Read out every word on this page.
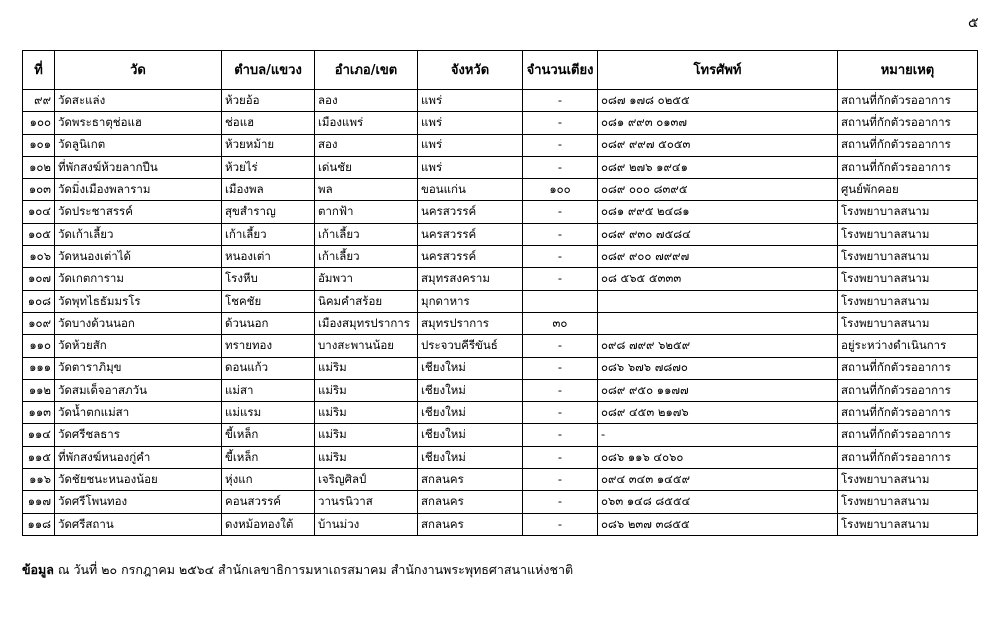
๕
ที่	วัด	ตำบล/แขวง	อำเภอ/เขต	จังหวัด	จำนวนเตียง	โทรศัพท์	หมายเหตุ
๙๙	วัดสะแล่ง	ห้วยอ้อ	ลอง	แพร่	-	๐๘๗ ๑๗๘ ๐๒๕๕	สถานที่กักตัวรออาการ
๑๐๐	วัดพระธาตุช่อแฮ	ช่อแฮ	เมืองแพร่	แพร่	-	๐๘๑ ๙๙๓ ๐๑๓๗	สถานที่กักตัวรออาการ
๑๐๑	วัดลูนิเกต	ห้วยหม้าย	สอง	แพร่	-	๐๘๙ ๙๙๗ ๕๐๕๓	สถานที่กักตัวรออาการ
๑๐๒	ที่พักสงฆ์ห้วยลากปืน	ห้วยไร่	เด่นชัย	แพร่	-	๐๘๙ ๒๗๖ ๑๙๔๑	สถานที่กักตัวรออาการ
๑๐๓	วัดมิ่งเมืองพลาราม	เมืองพล	พล	ขอนแก่น	๑๐๐	๐๘๙ ๐๐๐ ๘๓๙๕	ศูนย์พักคอย
๑๐๔	วัดประชาสรรค์	สุขสำราญ	ตากฟ้า	นครสวรรค์	-	๐๘๑ ๙๙๕ ๒๔๘๑	โรงพยาบาลสนาม
๑๐๕	วัดเก้าเลี้ยว	เก้าเลี้ยว	เก้าเลี้ยว	นครสวรรค์	-	๐๘๙ ๙๓๐ ๗๕๘๔	โรงพยาบาลสนาม
๑๐๖	วัดหนองเต่าได้	หนองเต่า	เก้าเลี้ยว	นครสวรรค์	-	๐๘๙ ๙๐๐ ๗๙๙๗	โรงพยาบาลสนาม
๑๐๗	วัดเกตการาม	โรงหีบ	อัมพวา	สมุทรสงคราม	-	๐๘ ๕๖๕ ๕๓๓๓	โรงพยาบาลสนาม
๑๐๘	วัดพุทไธธัมมรโร	โชคชัย	นิคมคำสร้อย	มุกดาหาร			โรงพยาบาลสนาม
๑๐๙	วัดบางด้วนนอก	ด้วนนอก	เมืองสมุทรปราการ	สมุทรปราการ	๓๐		โรงพยาบาลสนาม
๑๑๐	วัดห้วยสัก	ทรายทอง	บางสะพานน้อย	ประจวบคีรีขันธ์	-	๐๙๘ ๗๙๙ ๖๒๕๙	อยู่ระหว่างดำเนินการ
๑๑๑	วัดตาราภิมุข	ดอนแก้ว	แม่ริม	เชียงใหม่	-	๐๘๖ ๖๗๖ ๗๘๗๐	สถานที่กักตัวรออาการ
๑๑๒	วัดสมเด็จอาสภวัน	แม่สา	แม่ริม	เชียงใหม่	-	๐๘๙ ๙๕๐ ๑๑๗๗	สถานที่กักตัวรออาการ
๑๑๓	วัดน้ำตกแม่สา	แม่แรม	แม่ริม	เชียงใหม่	-	๐๘๙ ๔๕๓ ๒๑๗๖	สถานที่กักตัวรออาการ
๑๑๔	วัดศรีชลธาร	ขี้เหล็ก	แม่ริม	เชียงใหม่	-	-	สถานที่กักตัวรออาการ
๑๑๕	ที่พักสงฆ์หนองกู่คำ	ขี้เหล็ก	แม่ริม	เชียงใหม่	-	๐๘๖ ๑๑๖ ๔๐๖๐	สถานที่กักตัวรออาการ
๑๑๖	วัดชัยชนะหนองน้อย	หุ่งแก	เจริญศิลป์	สกลนคร	-	๐๙๔ ๓๔๓ ๑๔๕๙	โรงพยาบาลสนาม
๑๑๗	วัดศรีโพนทอง	คอนสวรรค์	วานรนิวาส	สกลนคร	-	๐๖๓ ๑๔๘ ๘๕๕๔	โรงพยาบาลสนาม
๑๑๘	วัดศรีสถาน	ดงหม้อทองใต้	บ้านม่วง	สกลนคร	-	๐๘๖ ๒๓๗ ๓๘๕๕	โรงพยาบาลสนาม
ข้อมูล ณ วันที่ ๒๐ กรกฎาคม ๒๕๖๔ สำนักเลขาธิการมหาเถรสมาคม สำนักงานพระพุทธศาสนาแห่งชาติ
